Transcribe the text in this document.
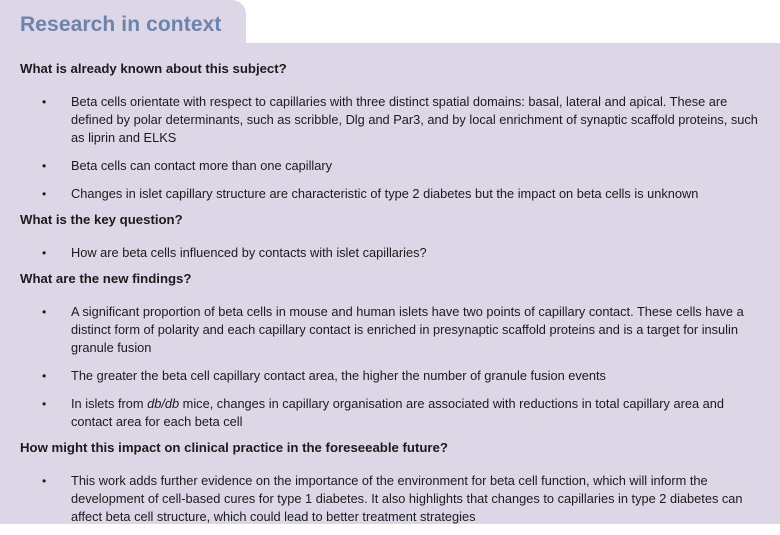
Research in context
What is already known about this subject?
• Beta cells orientate with respect to capillaries with three distinct spatial domains: basal, lateral and apical. These are defined by polar determinants, such as scribble, Dlg and Par3, and by local enrichment of synaptic scaffold proteins, such as liprin and ELKS
• Beta cells can contact more than one capillary
• Changes in islet capillary structure are characteristic of type 2 diabetes but the impact on beta cells is unknown
What is the key question?
• How are beta cells influenced by contacts with islet capillaries?
What are the new findings?
• A significant proportion of beta cells in mouse and human islets have two points of capillary contact. These cells have a distinct form of polarity and each capillary contact is enriched in presynaptic scaffold proteins and is a target for insulin granule fusion
• The greater the beta cell capillary contact area, the higher the number of granule fusion events
• In islets from db/db mice, changes in capillary organisation are associated with reductions in total capillary area and contact area for each beta cell
How might this impact on clinical practice in the foreseeable future?
• This work adds further evidence on the importance of the environment for beta cell function, which will inform the development of cell-based cures for type 1 diabetes. It also highlights that changes to capillaries in type 2 diabetes can affect beta cell structure, which could lead to better treatment strategies
